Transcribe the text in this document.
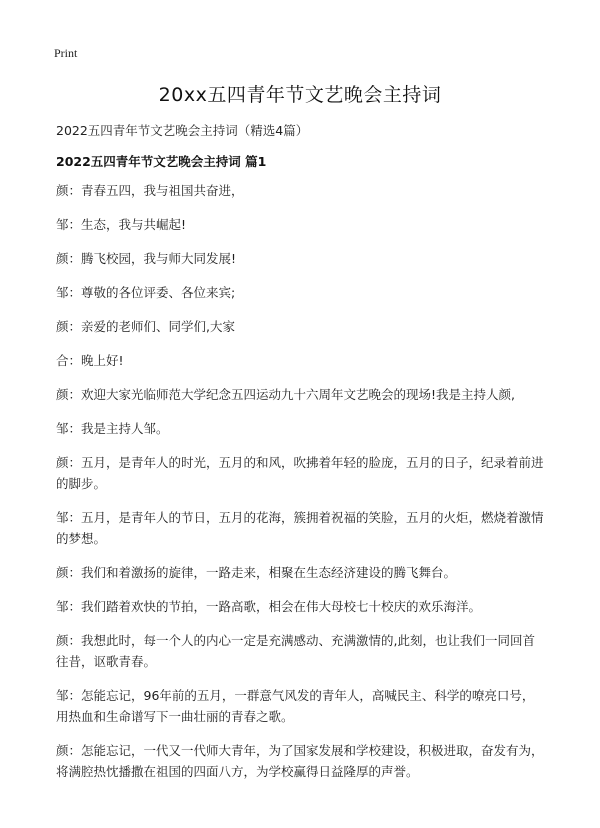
Print
20xx五四青年节文艺晚会主持词
2022五四青年节文艺晚会主持词（精选4篇）
2022五四青年节文艺晚会主持词 篇1

颜：青春五四，我与祖国共奋进，

邹：生态，我与共崛起!

颜：腾飞校园，我与师大同发展!

邹：尊敬的各位评委、各位来宾;

颜：亲爱的老师们、同学们,大家

合：晚上好!

颜：欢迎大家光临师范大学纪念五四运动九十六周年文艺晚会的现场!我是主持人颜,

邹：我是主持人邹。

颜：五月，是青年人的时光，五月的和风，吹拂着年轻的脸庞，五月的日子，纪录着前进的脚步。

邹：五月，是青年人的节日，五月的花海，簇拥着祝福的笑脸，五月的火炬，燃烧着激情的梦想。

颜：我们和着激扬的旋律，一路走来，相聚在生态经济建设的腾飞舞台。

邹：我们踏着欢快的节拍，一路高歌，相会在伟大母校七十校庆的欢乐海洋。

颜：我想此时，每一个人的内心一定是充满感动、充满激情的,此刻，也让我们一同回首往昔，讴歌青春。

邹：怎能忘记，96年前的五月，一群意气风发的青年人，高喊民主、科学的嘹亮口号，用热血和生命谱写下一曲壮丽的青春之歌。

颜：怎能忘记，一代又一代师大青年，为了国家发展和学校建设，积极进取，奋发有为，将满腔热忱播撒在祖国的四面八方，为学校赢得日益隆厚的声誉。
